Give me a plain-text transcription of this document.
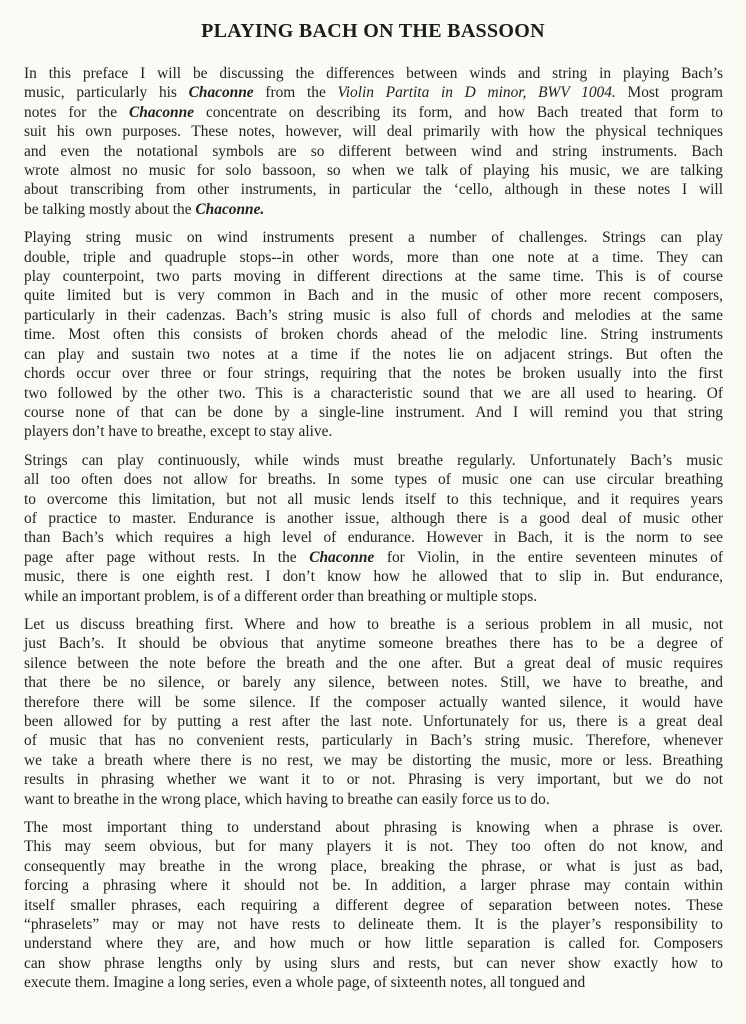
PLAYING BACH ON THE BASSOON

In this preface I will be discussing the differences between winds and string in playing Bach’s
music, particularly his Chaconne from the Violin Partita in D minor, BWV 1004. Most program
notes for the Chaconne concentrate on describing its form, and how Bach treated that form to
suit his own purposes. These notes, however, will deal primarily with how the physical techniques
and even the notational symbols are so different between wind and string instruments. Bach
wrote almost no music for solo bassoon, so when we talk of playing his music, we are talking
about transcribing from other instruments, in particular the ‘cello, although in these notes I will
be talking mostly about the Chaconne.

Playing string music on wind instruments present a number of challenges. Strings can play
double, triple and quadruple stops--in other words, more than one note at a time. They can
play counterpoint, two parts moving in different directions at the same time. This is of course
quite limited but is very common in Bach and in the music of other more recent composers,
particularly in their cadenzas. Bach’s string music is also full of chords and melodies at the same
time. Most often this consists of broken chords ahead of the melodic line. String instruments
can play and sustain two notes at a time if the notes lie on adjacent strings. But often the
chords occur over three or four strings, requiring that the notes be broken usually into the first
two followed by the other two. This is a characteristic sound that we are all used to hearing. Of
course none of that can be done by a single-line instrument. And I will remind you that string
players don’t have to breathe, except to stay alive.

Strings can play continuously, while winds must breathe regularly. Unfortunately Bach’s music
all too often does not allow for breaths. In some types of music one can use circular breathing
to overcome this limitation, but not all music lends itself to this technique, and it requires years
of practice to master. Endurance is another issue, although there is a good deal of music other
than Bach’s which requires a high level of endurance. However in Bach, it is the norm to see
page after page without rests. In the Chaconne for Violin, in the entire seventeen minutes of
music, there is one eighth rest. I don’t know how he allowed that to slip in. But endurance,
while an important problem, is of a different order than breathing or multiple stops.

Let us discuss breathing first. Where and how to breathe is a serious problem in all music, not
just Bach’s. It should be obvious that anytime someone breathes there has to be a degree of
silence between the note before the breath and the one after. But a great deal of music requires
that there be no silence, or barely any silence, between notes. Still, we have to breathe, and
therefore there will be some silence. If the composer actually wanted silence, it would have
been allowed for by putting a rest after the last note. Unfortunately for us, there is a great deal
of music that has no convenient rests, particularly in Bach’s string music. Therefore, whenever
we take a breath where there is no rest, we may be distorting the music, more or less. Breathing
results in phrasing whether we want it to or not. Phrasing is very important, but we do not
want to breathe in the wrong place, which having to breathe can easily force us to do.

The most important thing to understand about phrasing is knowing when a phrase is over.
This may seem obvious, but for many players it is not. They too often do not know, and
consequently may breathe in the wrong place, breaking the phrase, or what is just as bad,
forcing a phrasing where it should not be. In addition, a larger phrase may contain within
itself smaller phrases, each requiring a different degree of separation between notes. These
“phraselets” may or may not have rests to delineate them. It is the player’s responsibility to
understand where they are, and how much or how little separation is called for. Composers
can show phrase lengths only by using slurs and rests, but can never show exactly how to
execute them. Imagine a long series, even a whole page, of sixteenth notes, all tongued and
